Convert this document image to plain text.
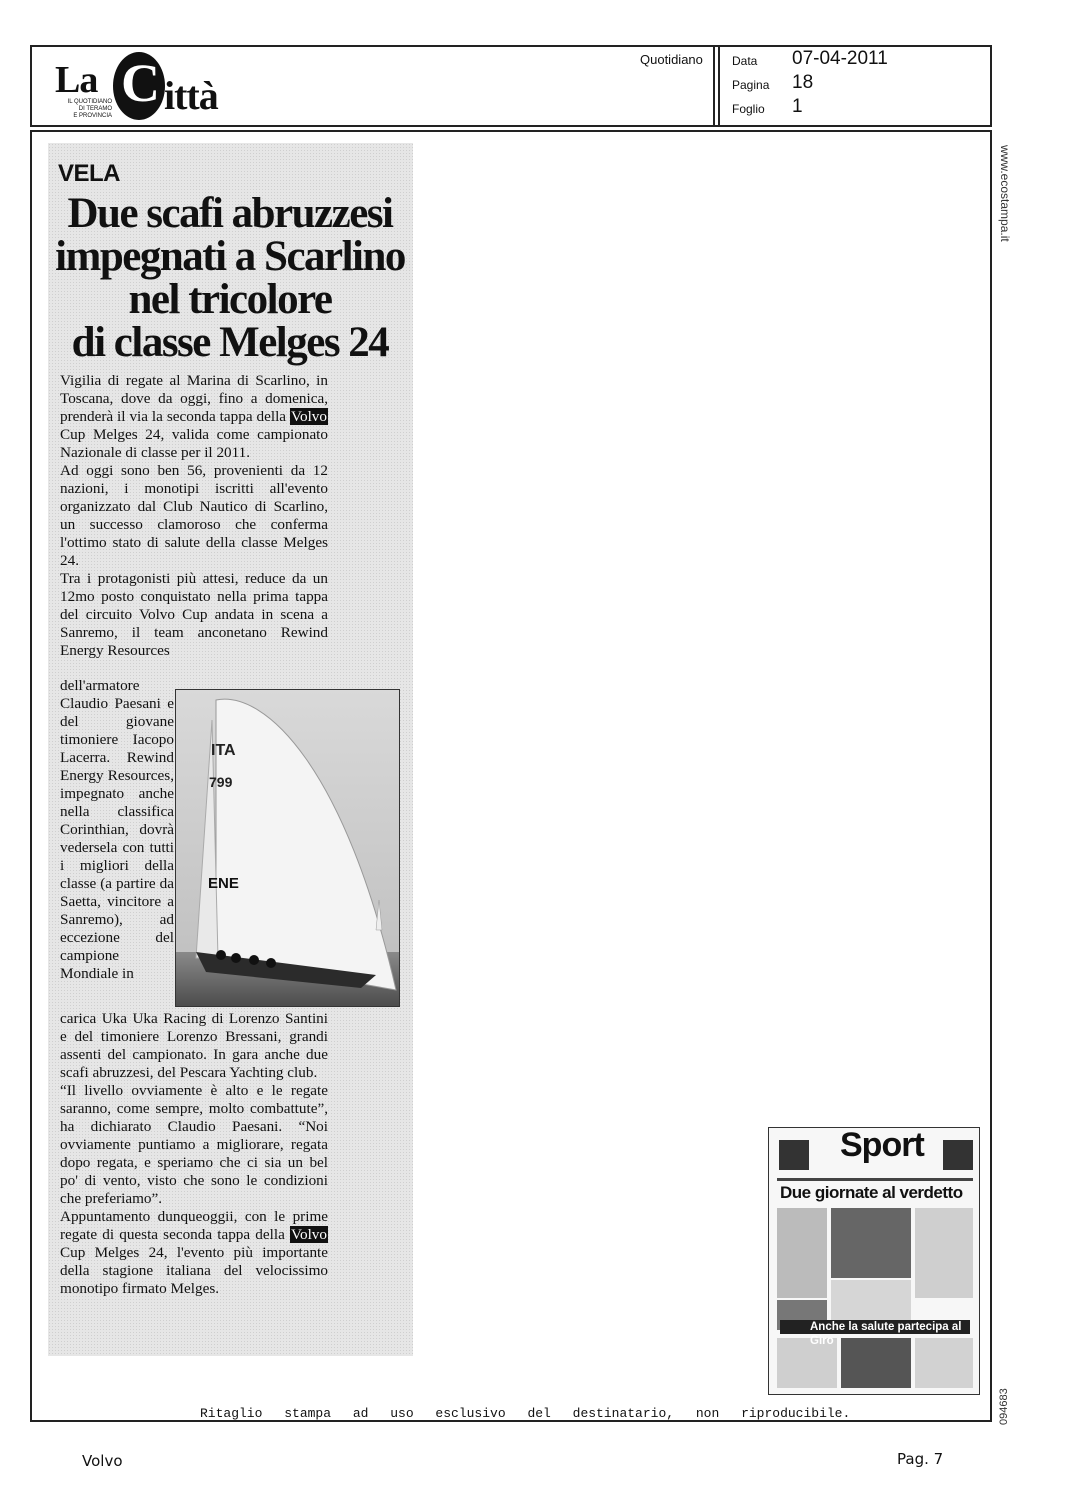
La C ittà
IL QUOTIDIANO
DI TERAMO
E PROVINCIA
Quotidiano Data 07-04-2011
Pagina 18
Foglio 1
www.ecostampa.it
094683
VELA
Due scafi abruzzesi
impegnati a Scarlino
nel tricolore
di classe Melges 24

Vigilia di regate al Marina di Scarlino, in Toscana, dove da oggi, fino a domenica, prenderà il via la seconda tappa della Volvo Cup Melges 24, valida come campionato Nazionale di classe per il 2011.

Ad oggi sono ben 56, provenienti da 12 nazioni, i monotipi iscritti all'evento organizzato dal Club Nautico di Scarlino, un successo clamoroso che conferma l'ottimo stato di salute della classe Melges 24.

Tra i protagonisti più attesi, reduce da un 12mo posto conquistato nella prima tappa del circuito Volvo Cup andata in scena a Sanremo, il team anconetano Rewind Energy Resources

dell'armatore Claudio Paesani e del giovane timoniere Iacopo Lacerra. Rewind Energy Resources, impegnato anche nella classifica Corinthian, dovrà vedersela con tutti i migliori della classe (a partire da Saetta, vincitore a Sanremo), ad eccezione del campione Mondiale in

ITA
799
ENE

carica Uka Uka Racing di Lorenzo Santini e del timoniere Lorenzo Bressani, grandi assenti del campionato. In gara anche due scafi abruzzesi, del Pescara Yachting club.

“Il livello ovviamente è alto e le regate saranno, come sempre, molto combattute”, ha dichiarato Claudio Paesani. “Noi ovviamente puntiamo a migliorare, regata dopo regata, e speriamo che ci sia un bel po' di vento, visto che sono le condizioni che preferiamo”.

Appuntamento dunqueoggii, con le prime regate di questa seconda tappa della Volvo Cup Melges 24, l'evento più importante della stagione italiana del velocissimo monotipo firmato Melges.

Sport
Due giornate al verdetto
Anche la salute partecipa al Giro
Ritaglio stampa ad uso esclusivo del destinatario, non riproducibile.
Volvo	Pag. 7
